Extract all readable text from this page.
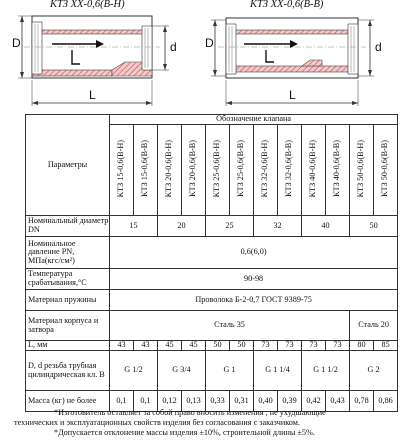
КТЗ ХХ-0,6(В-Н)	КТЗ ХХ-0,6(В-В)
D	d
L
D	d
L
Параметры	Обозначение клапана											
	КТЗ 15-0,6(В-Н)	КТЗ 15-0,6(В-В)	КТЗ 20-0,6(В-Н)	КТЗ 20-0,6(В-В)	КТЗ 25-0,6(В-Н)	КТЗ 25-0,6(В-В)	КТЗ 32-0,6(В-Н)	КТЗ 32-0,6(В-В)	КТЗ 40-0,6(В-Н)	КТЗ 40-0,6(В-В)	КТЗ 50-0,6(В-Н)	КТЗ 50-0,6(В-В)
Номинальный диаметр DN	15		20		25		32		40		50	
Номинальное давление PN, МПа(кгс/см²)	0,6(6,0)											
Температура срабатывания,°С	90-98											
Материал пружины	Проволока Б-2-0,7 ГОСТ 9389-75											
Материал корпуса и затвора	Сталь 35										Сталь 20	
L, мм	43	43	45	45	50	50	73	73	73	73	80	85
D, d резьба трубная цилиндрическая кл. В	G 1/2		G 3/4		G 1		G 1 1/4		G 1 1/2		G 2	
Масса (кг) не более	0,1	0,1	0,12	0,13	0,33	0,31	0,40	0,39	0,42	0,43	0,78	0,86
*Изготовитель оставляет за собой право вносить изменения , не ухудшающие
технических и эксплуатационных свойств изделия без согласования с заказчиком.
*Допускается отклонение массы изделия ±10%, строительной длины ±5%.
